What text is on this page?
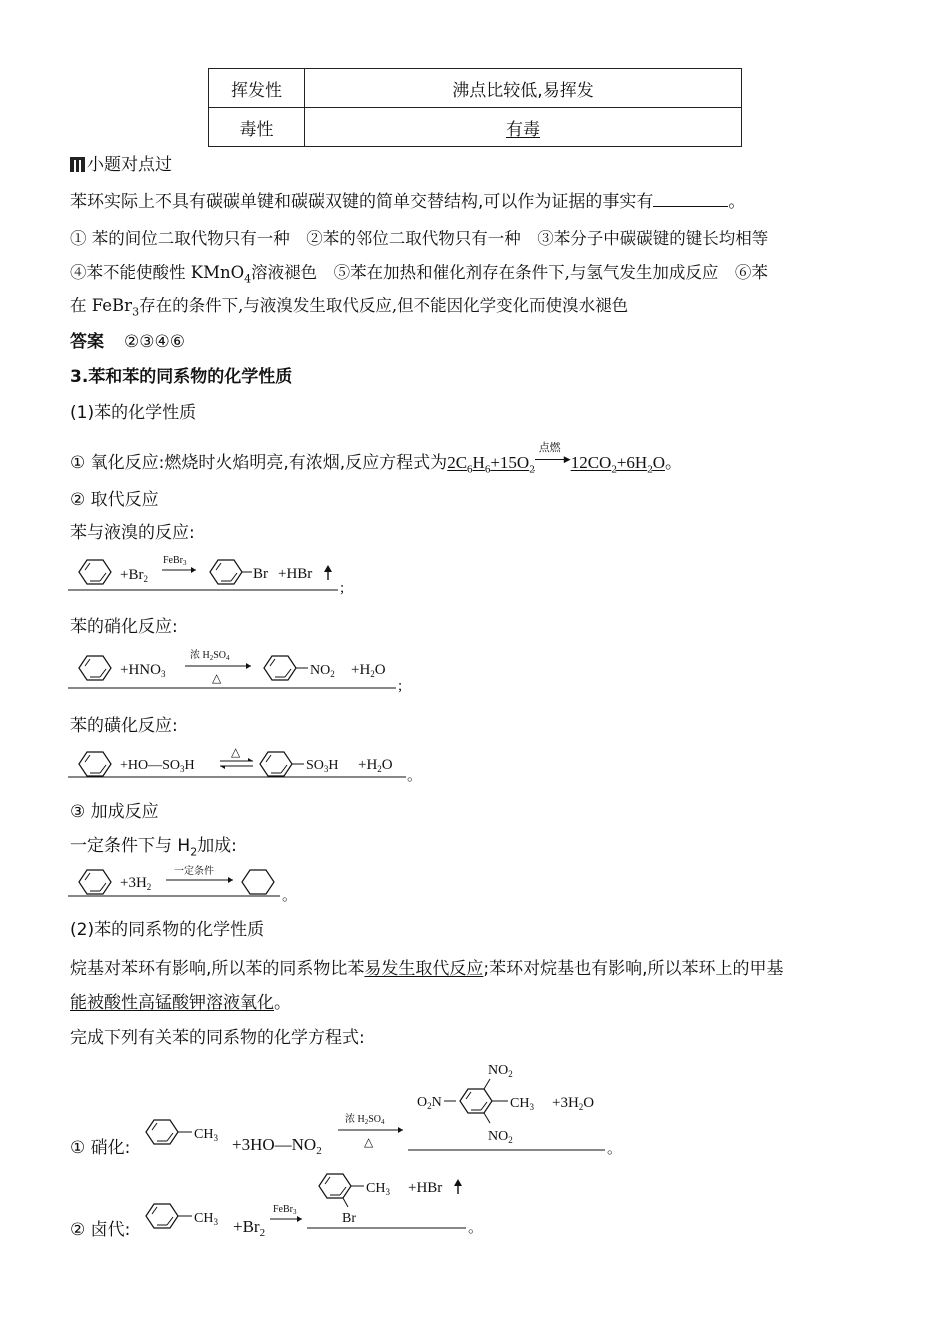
挥发性	沸点比较低,易挥发
毒性	有毒
小题对点过
苯环实际上不具有碳碳单键和碳碳双键的简单交替结构,可以作为证据的事实有	。
① 苯的间位二取代物只有一种　②苯的邻位二取代物只有一种　③苯分子中碳碳键的键长均相等
④苯不能使酸性 KMnO$_4$溶液褪色　⑤苯在加热和催化剂存在条件下,与氢气发生加成反应　⑥苯
在 FeBr$_3$存在的条件下,与液溴发生取代反应,但不能因化学变化而使溴水褪色
答案 ②③④⑥
3.苯和苯的同系物的化学性质
(1)苯的化学性质
① 氧化反应:燃烧时火焰明亮,有浓烟,反应方程式为$2C_6H_6+15O_2$
点燃
▶ $12CO_2+6H_2O$。
② 取代反应
苯与液溴的反应:
$+Br_2$
FeBr$_3$
Br +HBr
;
苯的硝化反应:
$+HNO_3$
浓 $H_2SO_4$
△	$NO_2 +H_2O$
;
苯的磺化反应:
$+HO—SO_3H$
△
$SO_3H +H_2O$
。
③ 加成反应
一定条件下与 $H_2$加成:
$+3H_2$
一定条件
。
(2)苯的同系物的化学性质
烷基对苯环有影响,所以苯的同系物比苯易发生取代反应;苯环对烷基也有影响,所以苯环上的甲基
能被酸性高锰酸钾溶液氧化。
完成下列有关苯的同系物的化学方程式:
① 硝化:
$CH_3$ $+3HO—NO_2$
浓 $H_2SO_4$
△
$O_2N$
$NO_2$
$CH_3$
$NO_2$
$+3H_2O$
。
② 卤代:
$CH_3 +Br_2$
FeBr$_3$
$CH_3$
Br
+HBr
。
